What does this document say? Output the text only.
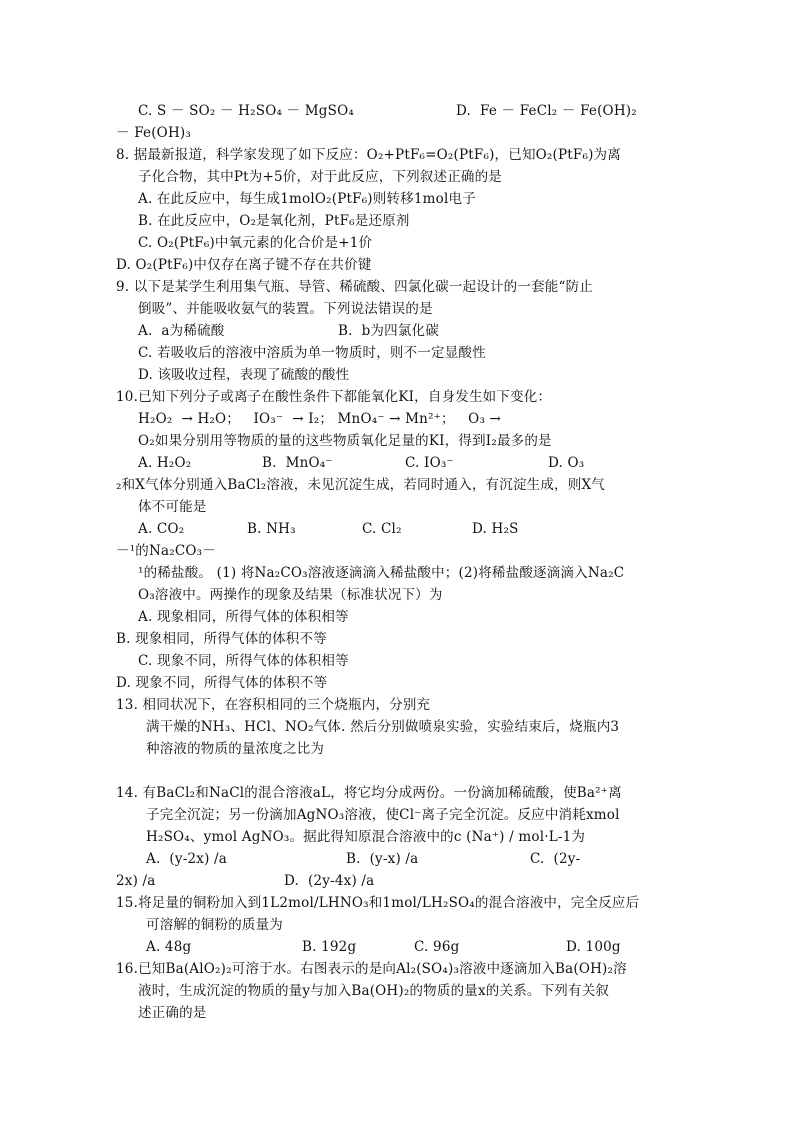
C. S － SO₂ － H₂SO₄ － MgSO₄	D.  Fe － FeCl₂ － Fe(OH)₂
－ Fe(OH)₃
8. 据最新报道，科学家发现了如下反应：O₂+PtF₆=O₂(PtF₆)，已知O₂(PtF₆)为离
子化合物，其中Pt为+5价，对于此反应，下列叙述正确的是
A. 在此反应中，每生成1molO₂(PtF₆)则转移1mol电子
B. 在此反应中，O₂是氧化剂，PtF₆是还原剂
C. O₂(PtF₆)中氧元素的化合价是+1价
D. O₂(PtF₆)中仅存在离子键不存在共价键
9. 以下是某学生利用集气瓶、导管、稀硫酸、四氯化碳一起设计的一套能“防止
倒吸”、并能吸收氨气的装置。下列说法错误的是
A.  a为稀硫酸	B.  b为四氯化碳
C. 若吸收后的溶液中溶质为单一物质时，则不一定显酸性
D. 该吸收过程，表现了硫酸的酸性
10.已知下列分子或离子在酸性条件下都能氧化KI，自身发生如下变化：
H₂O₂  → H₂O；   IO₃⁻  → I₂； MnO₄⁻ → Mn²⁺；   O₃ →
O₂如果分别用等物质的量的这些物质氧化足量的KI，得到I₂最多的是
A. H₂O₂	B.  MnO₄⁻	C. IO₃⁻	D. O₃
₂和X气体分别通入BaCl₂溶液，未见沉淀生成，若同时通入，有沉淀生成，则X气
体不可能是
A. CO₂	B. NH₃	C. Cl₂	D. H₂S
－¹的Na₂CO₃－
¹的稀盐酸。 (1) 将Na₂CO₃溶液逐滴滴入稀盐酸中；(2)将稀盐酸逐滴滴入Na₂C
O₃溶液中。两操作的现象及结果（标准状况下）为
A. 现象相同，所得气体的体积相等
B. 现象相同，所得气体的体积不等
C. 现象不同，所得气体的体积相等
D. 现象不同，所得气体的体积不等
13. 相同状况下，在容积相同的三个烧瓶内，分别充
满干燥的NH₃、HCl、NO₂气体. 然后分别做喷泉实验，实验结束后，烧瓶内3
种溶液的物质的量浓度之比为
14. 有BaCl₂和NaCl的混合溶液aL，将它均分成两份。一份滴加稀硫酸，使Ba²⁺离
子完全沉淀；另一份滴加AgNO₃溶液，使Cl⁻离子完全沉淀。反应中消耗xmol
H₂SO₄、ymol AgNO₃。据此得知原混合溶液中的c (Na⁺) / mol·L-1为
A.  (y-2x) /a	B.  (y-x) /a	C.  (2y-
2x) /a	D.  (2y-4x) /a
15.将足量的铜粉加入到1L2mol/LHNO₃和1mol/LH₂SO₄的混合溶液中，完全反应后
可溶解的铜粉的质量为
A. 48g	B. 192g	C. 96g	D. 100g
16.已知Ba(AlO₂)₂可溶于水。右图表示的是向Al₂(SO₄)₃溶液中逐滴加入Ba(OH)₂溶
液时，生成沉淀的物质的量y与加入Ba(OH)₂的物质的量x的关系。下列有关叙
述正确的是
